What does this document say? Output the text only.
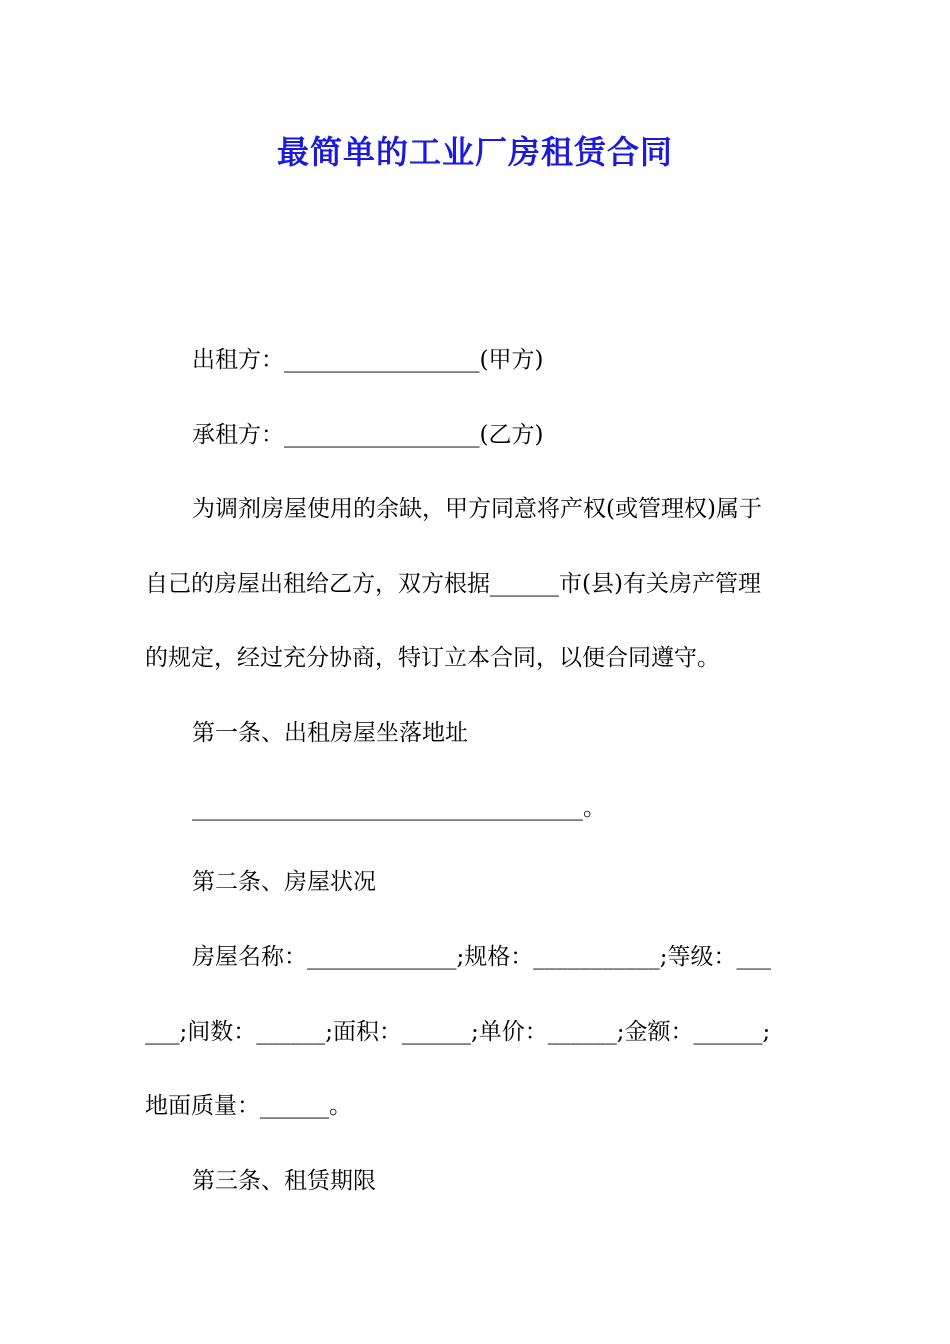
最简单的工业厂房租赁合同
出租方：_________________(甲方)
承租方：_________________(乙方)
为调剂房屋使用的余缺，甲方同意将产权(或管理权)属于
自己的房屋出租给乙方，双方根据______市(县)有关房产管理
的规定，经过充分协商，特订立本合同，以便合同遵守。
第一条、出租房屋坐落地址
__________________________________。
第二条、房屋状况
房屋名称：_____________;规格：___________;等级：___
___;间数：______;面积：______;单价：______;金额：______;
地面质量：______。
第三条、租赁期限
